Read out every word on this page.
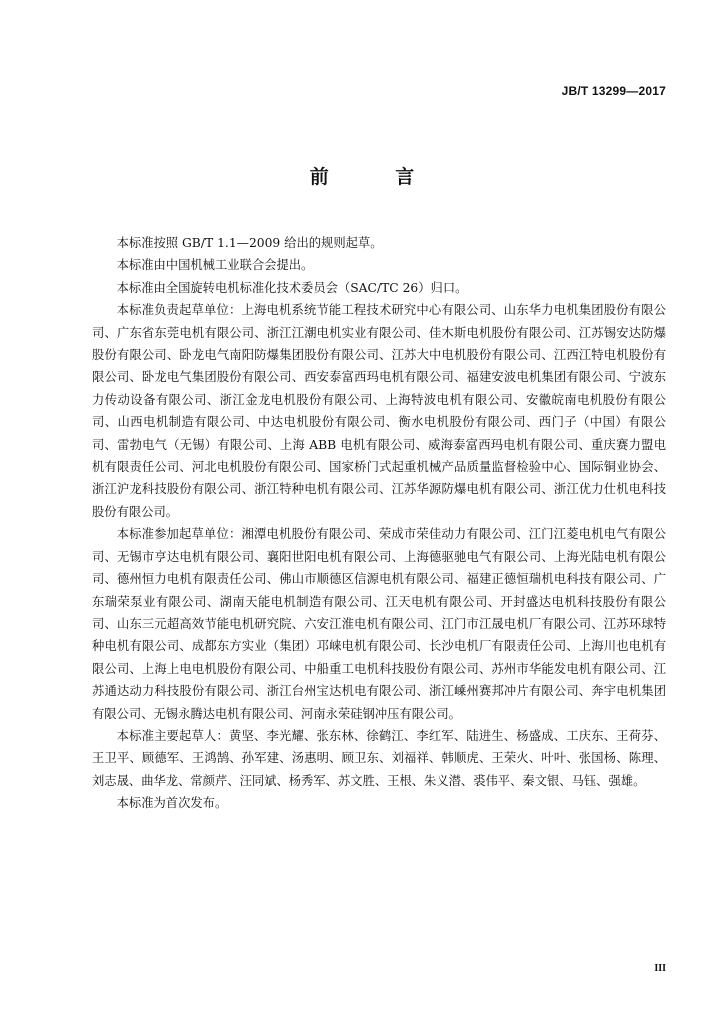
JB/T 13299—2017
前 言

本标准按照 GB/T 1.1—2009 给出的规则起草。

本标准由中国机械工业联合会提出。

本标准由全国旋转电机标准化技术委员会（SAC/TC 26）归口。

本标准负责起草单位：上海电机系统节能工程技术研究中心有限公司、山东华力电机集团股份有限公司、广东省东莞电机有限公司、浙江江潮电机实业有限公司、佳木斯电机股份有限公司、江苏锡安达防爆股份有限公司、卧龙电气南阳防爆集团股份有限公司、江苏大中电机股份有限公司、江西江特电机股份有限公司、卧龙电气集团股份有限公司、西安泰富西玛电机有限公司、福建安波电机集团有限公司、宁波东力传动设备有限公司、浙江金龙电机股份有限公司、上海特波电机有限公司、安徽皖南电机股份有限公司、山西电机制造有限公司、中达电机股份有限公司、衡水电机股份有限公司、西门子（中国）有限公司、雷勃电气（无锡）有限公司、上海 ABB 电机有限公司、威海泰富西玛电机有限公司、重庆赛力盟电机有限责任公司、河北电机股份有限公司、国家桥门式起重机械产品质量监督检验中心、国际铜业协会、浙江沪龙科技股份有限公司、浙江特种电机有限公司、江苏华源防爆电机有限公司、浙江优力仕机电科技股份有限公司。

本标准参加起草单位：湘潭电机股份有限公司、荣成市荣佳动力有限公司、江门江菱电机电气有限公司、无锡市亨达电机有限公司、襄阳世阳电机有限公司、上海德驱驰电气有限公司、上海光陆电机有限公司、德州恒力电机有限责任公司、佛山市顺德区信源电机有限公司、福建正德恒瑞机电科技有限公司、广东瑞荣泵业有限公司、湖南天能电机制造有限公司、江天电机有限公司、开封盛达电机科技股份有限公司、山东三元超高效节能电机研究院、六安江淮电机有限公司、江门市江晟电机厂有限公司、江苏环球特种电机有限公司、成都东方实业（集团）邛崃电机有限公司、长沙电机厂有限责任公司、上海川也电机有限公司、上海上电电机股份有限公司、中船重工电机科技股份有限公司、苏州市华能发电机有限公司、江苏通达动力科技股份有限公司、浙江台州宝达机电有限公司、浙江嵊州赛邦冲片有限公司、奔宇电机集团有限公司、无锡永腾达电机有限公司、河南永荣硅钢冲压有限公司。

本标准主要起草人：黄坚、李光耀、张东林、徐鹤江、李红军、陆进生、杨盛成、工庆东、王荷芬、王卫平、顾德军、王鸿鹄、孙军建、汤惠明、顾卫东、刘福祥、韩顺虎、王荣火、叶叶、张国杨、陈理、刘志晟、曲华龙、常颜芹、汪同斌、杨秀军、苏文胜、王根、朱义潜、裘伟平、秦文银、马钰、强雄。

本标准为首次发布。

III
